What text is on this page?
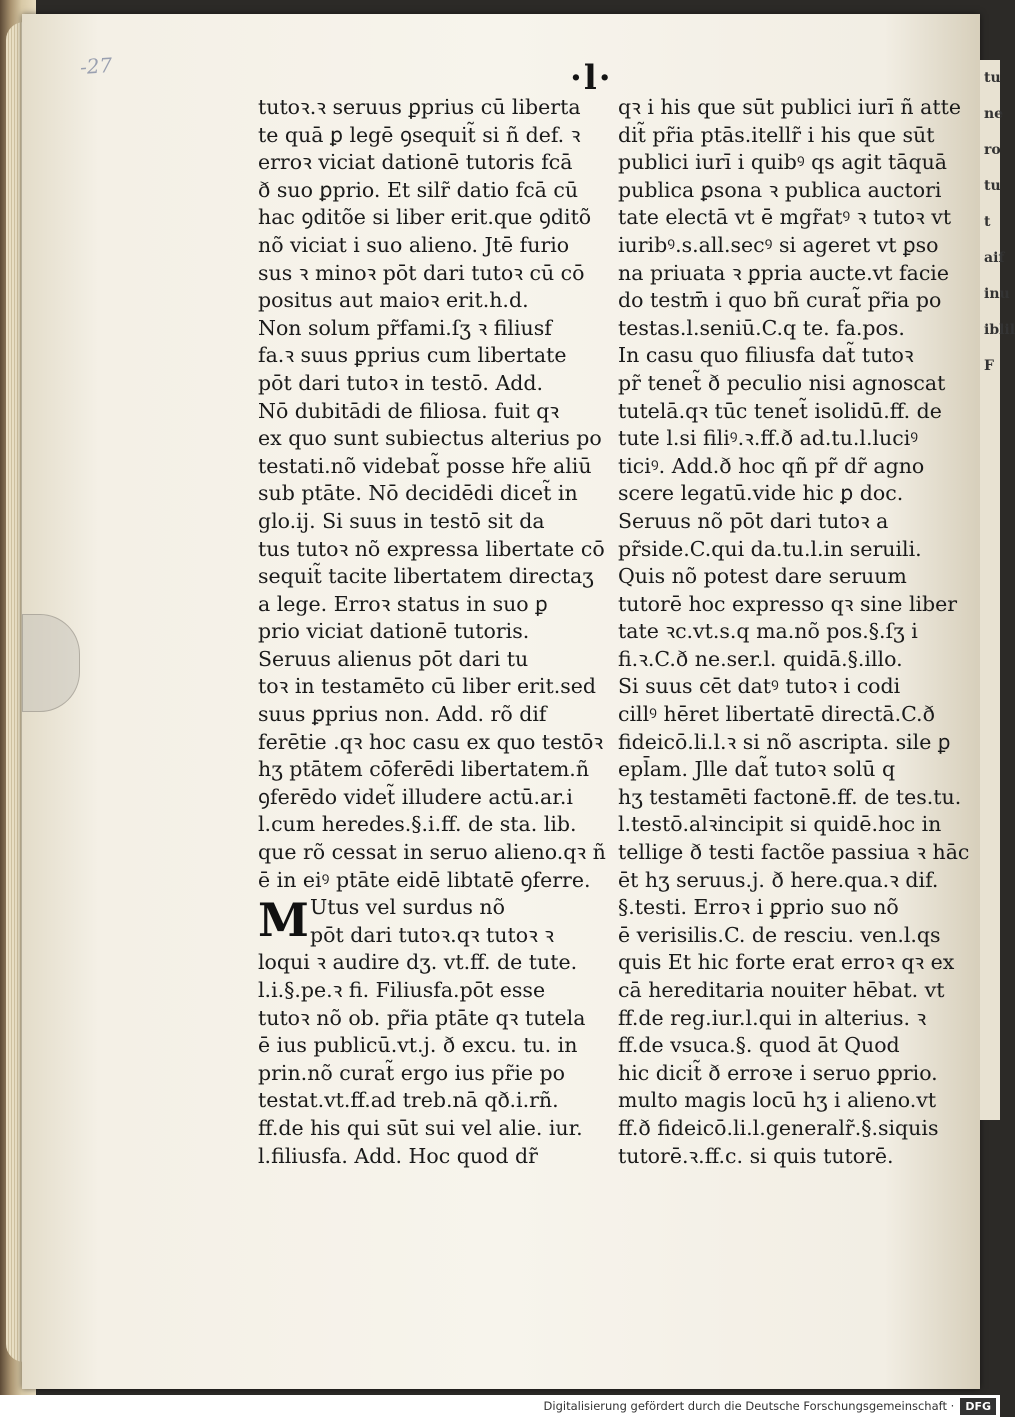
-27	·l·
tutoꝛ.ꝛ seruus ꝑprius cū liberta
te quā ꝑ legē ꝯsequit̃ si ñ def. ꝛ
erroꝛ viciat dationē tutoris fcā
ð suo ꝑprio. Et silr̃ datio fcā cū
hac ꝯditõe si liber erit.que ꝯditõ
nõ viciat i suo alieno. Jtē furio
sus ꝛ minoꝛ pōt dari tutoꝛ cū cō
positus aut maioꝛ erit.h.d.
Non solum pr̃fami.ſʒ ꝛ filiusf
fa.ꝛ suus ꝑprius cum libertate
pōt dari tutoꝛ in testō. Add.
Nō dubitādi de filiosa. fuit qꝛ
ex quo sunt subiectus alterius po
testati.nõ videbat̃ posse hr̃e aliū
sub ptāte. Nō decidēdi dicet̃ in
glo.ij. Si suus in testō sit da
tus tutoꝛ nõ expressa libertate cō
sequit̃ tacite libertatem directaʒ
a lege. Erroꝛ status in suo ꝑ
prio viciat dationē tutoris.
Seruus alienus pōt dari tu
toꝛ in testamēto cū liber erit.sed
suus ꝑprius non. Add. rõ dif
ferētie .qꝛ hoc casu ex quo testōꝛ
hʒ ptātem cōferēdi libertatem.ñ
ꝯferēdo videt̃ illudere actū.ar.i
l.cum heredes.§.i.ff. de sta. lib.
que rõ cessat in seruo alieno.qꝛ ñ
ē in eiꝰ ptāte eidē libtatē ꝯferre.
M Utus vel surdus nõ
pōt dari tutoꝛ.qꝛ tutoꝛ ꝛ
loqui ꝛ audire dʒ. vt.ff. de tute.
l.i.§.pe.ꝛ fi. Filiusfa.pōt esse
tutoꝛ nõ ob. pr̃ia ptāte qꝛ tutela
ē ius publicū.vt.j. ð excu. tu. in
prin.nõ curat̃ ergo ius pr̃ie po
testat.vt.ff.ad treb.nā qð.i.rñ.
ff.de his qui sūt sui vel alie. iur.
l.filiusfa. Add. Hoc quod dr̃
qꝛ i his que sūt publici iurī ñ atte
dit̃ pr̃ia ptās.itellr̃ i his que sūt
publici iurī i quibꝰ qs agit tāquā
publica ꝑsona ꝛ publica auctori
tate electā vt ē mgr̃atꝰ ꝛ tutoꝛ vt
iuribꝰ.s.all.secꝰ si ageret vt ꝑso
na priuata ꝛ ꝑpria aucte.vt facie
do testm̄ i quo bñ curat̃ pr̃ia po
testas.l.seniū.C.q te. fa.pos.
In casu quo filiusfa dat̃ tutoꝛ
pr̃ tenet̃ ð peculio nisi agnoscat
tutelā.qꝛ tūc tenet̃ isolidū.ff. de
tute l.si filiꝰ.ꝛ.ff.ð ad.tu.l.luciꝰ
ticiꝰ. Add.ð hoc qñ pr̃ dr̃ agno
scere legatū.vide hic ꝑ doc.
Seruus nõ pōt dari tutoꝛ a
pr̃side.C.qui da.tu.l.in seruili.
Quis nõ potest dare seruum
tutorē hoc expresso qꝛ sine liber
tate ꝛc.vt.s.q ma.nõ pos.§.ſʒ i
fi.ꝛ.C.ð ne.ser.l. quidā.§.illo.
Si suus cēt datꝰ tutoꝛ i codi
cillꝰ hēret libertatē directā.C.ð
fideicō.li.l.ꝛ si nõ ascripta. sile ꝑ
epl̄am. Jlle dat̃ tutoꝛ solū q
hʒ testamēti factonē.ff. de tes.tu.
l.testō.alꝛincipit si quidē.hoc in
tellige ð testi factõe passiua ꝛ hāc
ēt hʒ seruus.j. ð here.qua.ꝛ dif.
§.testi. Erroꝛ i ꝑprio suo nõ
ē verisilis.C. de resciu. ven.l.qs
quis Et hic forte erat erroꝛ qꝛ ex
cā hereditaria nouiter hēbat. vt
ff.de reg.iur.l.qui in alterius. ꝛ
ff.de vsuca.§. quod āt Quod
hic dicit̃ ð erroꝛe i seruo ꝑprio.
multo magis locū hʒ i alieno.vt
ff.ð fideicō.li.l.generalr̃.§.siquis
tutorē.ꝛ.ff.c. si quis tutorē.
tu ne ro tu t aif inu iblil F
Digitalisierung gefördert durch die Deutsche Forschungsgemeinschaft ·	DFG
